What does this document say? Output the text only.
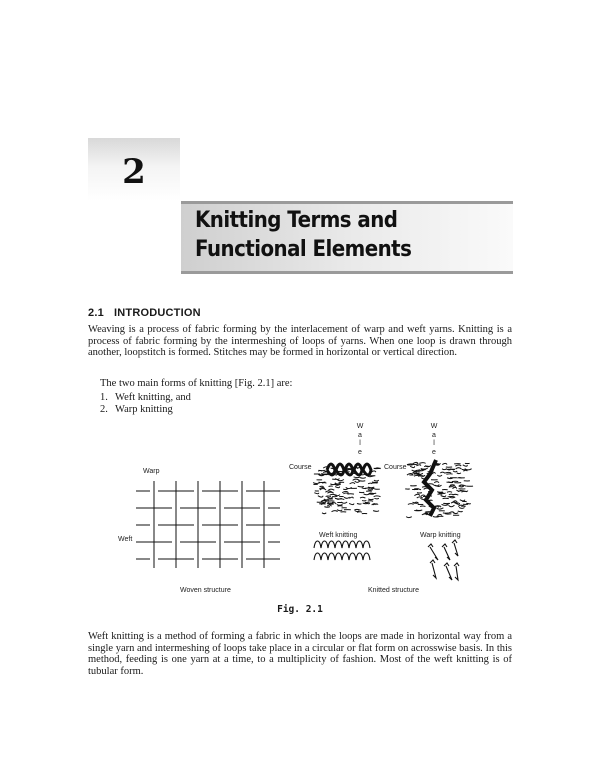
2
Knitting Terms and Functional Elements
2.1 INTRODUCTION

Weaving is a process of fabric forming by the interlacement of warp and weft yarns. Knitting is a process of fabric forming by the intermeshing of loops of yarns. When one loop is drawn through another, loopstitch is formed. Stitches may be formed in horizontal or vertical direction.

The two main forms of knitting [Fig. 2.1] are:

1. Weft knitting, and
2. Warp knitting
Warp
Weft
Woven structure
Course	Course
W
a
l
e
W
a
l
e
Weft knitting	Warp knitting
Knitted structure
Fig. 2.1

Weft knitting is a method of forming a fabric in which the loops are made in horizontal way from a single yarn and intermeshing of loops take place in a circular or flat form on acrosswise basis. In this method, feeding is one yarn at a time, to a multiplicity of fashion. Most of the weft knitting is of tubular form.
